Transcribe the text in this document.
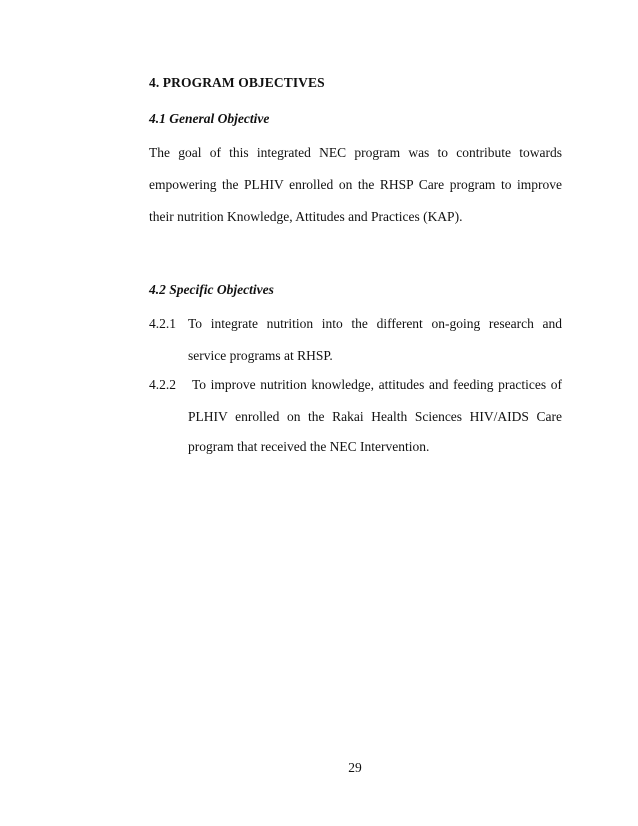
4. PROGRAM OBJECTIVES
4.1 General Objective
The goal of this integrated NEC program was to contribute towards
empowering the PLHIV enrolled on the RHSP Care program to improve
their nutrition Knowledge, Attitudes and Practices (KAP).
4.2 Specific Objectives
4.2.1 To integrate nutrition into the different on-going research and
service programs at RHSP.
4.2.2 To improve nutrition knowledge, attitudes and feeding practices of
PLHIV enrolled on the Rakai Health Sciences HIV/AIDS Care
program that received the NEC Intervention.
29
